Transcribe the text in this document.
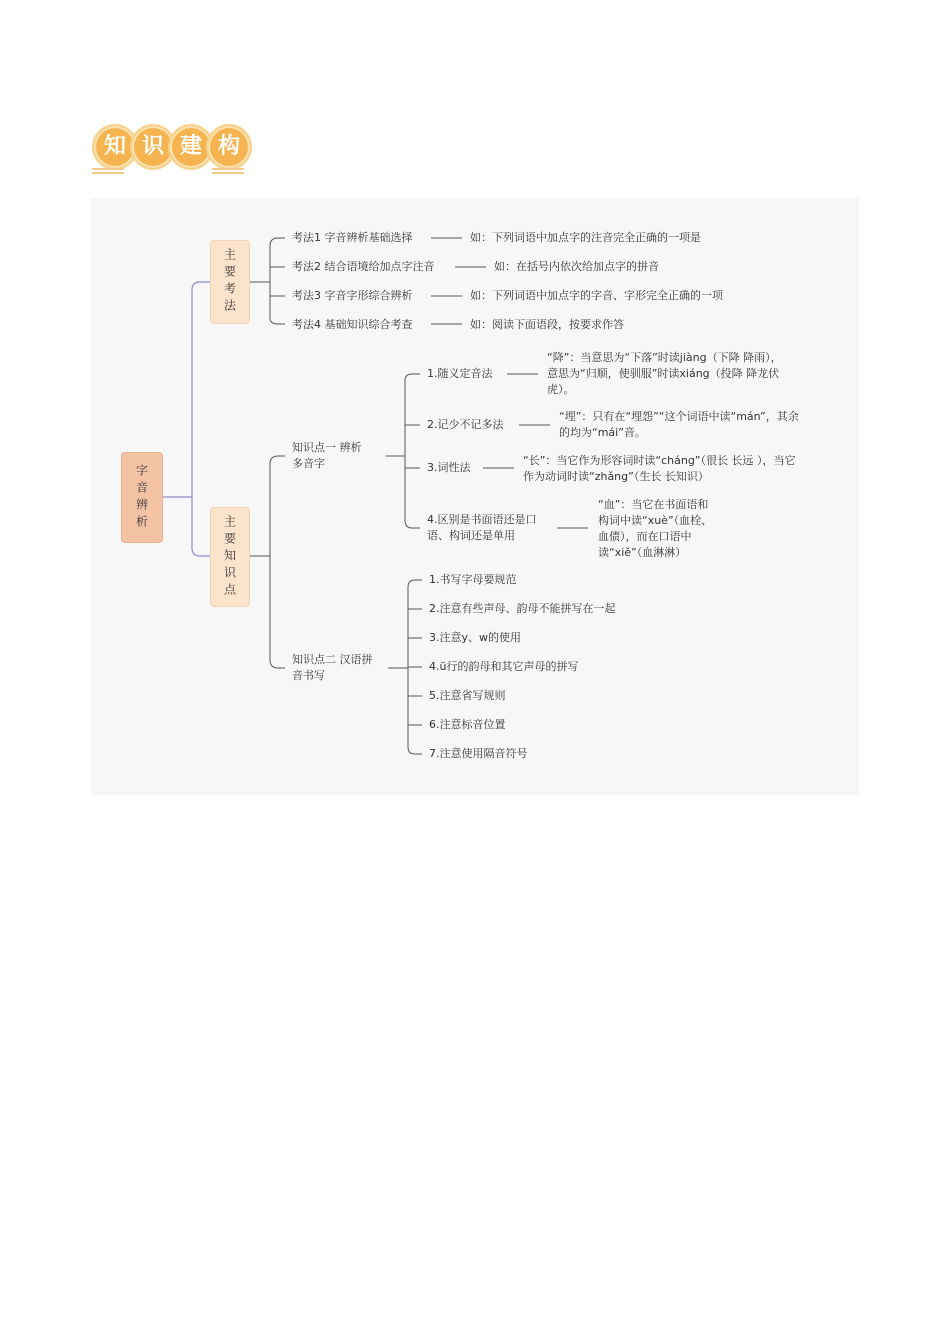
知 识 建 构
字音辨析
主要考法
主要知识点
考法1 字音辨析基础选择	如：下列词语中加点字的注音完全正确的一项是
考法2 结合语境给加点字注音	如：在括号内依次给加点字的拼音
考法3 字音字形综合辨析	如：下列词语中加点字的字音、字形完全正确的一项
考法4 基础知识综合考查	如：阅读下面语段，按要求作答
知识点一 辨析
多音字
1.随义定音法
“降”：当意思为“下落”时读jiàng（下降 降雨），
意思为“归顺，使驯服”时读xiáng（投降 降龙伏
虎）。
2.记少不记多法
“埋”：只有在“埋怨”“这个词语中读“mán”，其余
的均为“mái”音。
3.词性法
“长”：当它作为形容词时读“cháng”（很长 长远 ），当它
作为动词时读“zhǎng”（生长 长知识）
4.区别是书面语还是口
语、构词还是单用
“血”：当它在书面语和
构词中读“xuè”（血栓、
血债），而在口语中
读“xiě”（血淋淋）
知识点二 汉语拼
音书写
1.书写字母要规范
2.注意有些声母、韵母不能拼写在一起
3.注意y、w的使用
4.ü行的韵母和其它声母的拼写
5.注意省写规则
6.注意标音位置
7.注意使用隔音符号
